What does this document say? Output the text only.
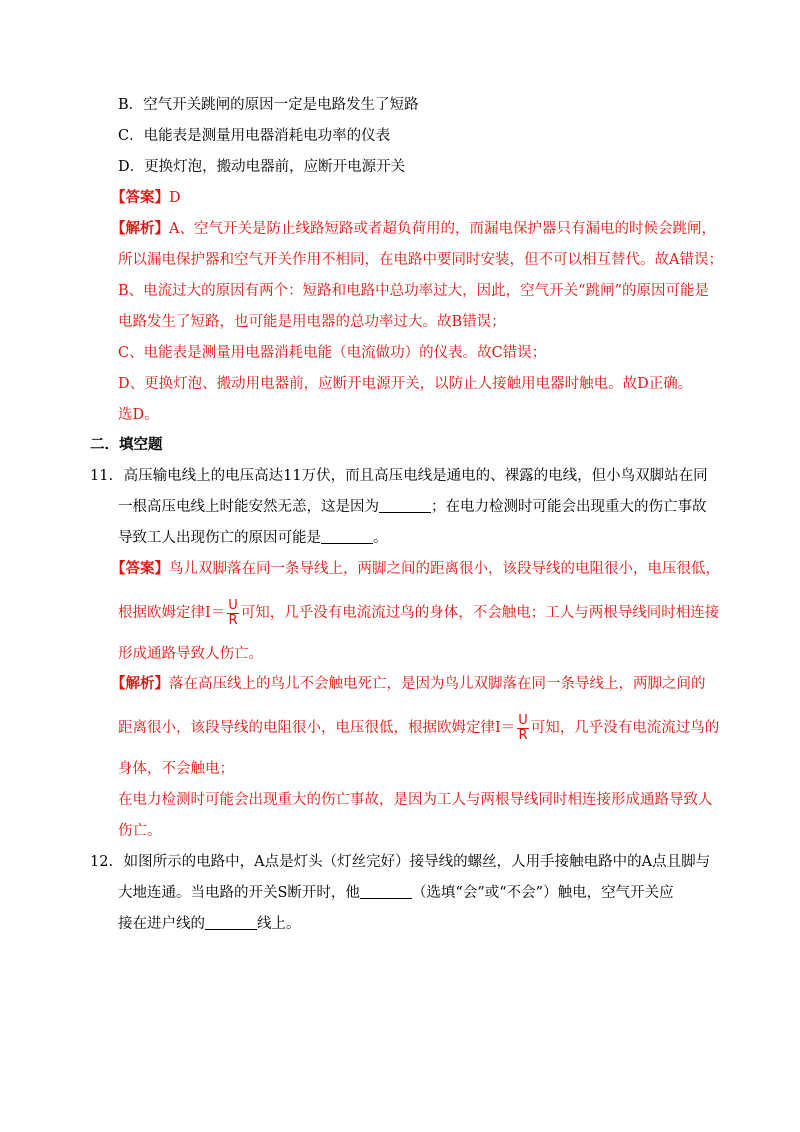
B．空气开关跳闸的原因一定是电路发生了短路
C．电能表是测量用电器消耗电功率的仪表
D．更换灯泡，搬动电器前，应断开电源开关
【答案】D
【解析】A、空气开关是防止线路短路或者超负荷用的，而漏电保护器只有漏电的时候会跳闸，
所以漏电保护器和空气开关作用不相同，在电路中要同时安装，但不可以相互替代。故A错误；
B、电流过大的原因有两个：短路和电路中总功率过大，因此，空气开关“跳闸”的原因可能是
电路发生了短路，也可能是用电器的总功率过大。故B错误；
C、电能表是测量用电器消耗电能（电流做功）的仪表。故C错误；
D、更换灯泡、搬动用电器前，应断开电源开关，以防止人接触用电器时触电。故D正确。
选D。
二．填空题
11. 高压输电线上的电压高达11万伏，而且高压电线是通电的、裸露的电线，但小鸟双脚站在同
一根高压电线上时能安然无恙，这是因为	；在电力检测时可能会出现重大的伤亡事故
导致工人出现伤亡的原因可能是	。
【答案】鸟儿双脚落在同一条导线上，两脚之间的距离很小，该段导线的电阻很小，电压很低，
根据欧姆定律$I= \frac{U}{R}$ 可知，几乎没有电流流过鸟的身体，不会触电；工人与两根导线同时相连接
形成通路导致人伤亡。
【解析】落在高压线上的鸟儿不会触电死亡，是因为鸟儿双脚落在同一条导线上，两脚之间的
距离很小，该段导线的电阻很小，电压很低，根据欧姆定律$I= \frac{U}{R}$ 可知，几乎没有电流流过鸟的
身体，不会触电；
在电力检测时可能会出现重大的伤亡事故，是因为工人与两根导线同时相连接形成通路导致人
伤亡。
12. 如图所示的电路中，A点是灯头（灯丝完好）接导线的螺丝，人用手接触电路中的A点且脚与
大地连通。当电路的开关S断开时，他	（选填“会”或“不会”）触电，空气开关应
接在进户线的	线上。
